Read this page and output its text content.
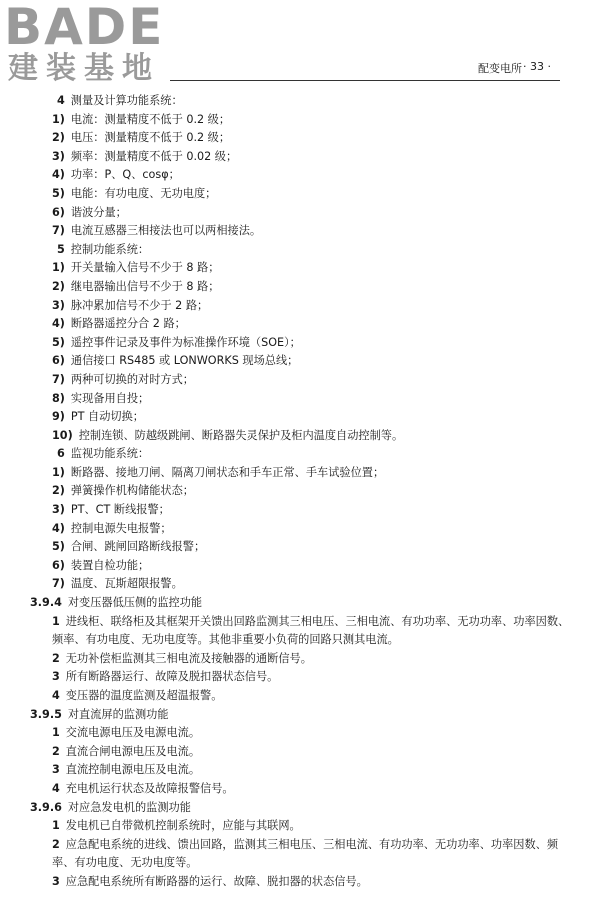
BADE
建装基地	配变电所 · 33 ·
4 测量及计算功能系统：
1) 电流：测量精度不低于 0.2 级；
2) 电压：测量精度不低于 0.2 级；
3) 频率：测量精度不低于 0.02 级；
4) 功率：P、Q、cosφ；
5) 电能：有功电度、无功电度；
6) 谐波分量；
7) 电流互感器三相接法也可以两相接法。
5 控制功能系统：
1) 开关量输入信号不少于 8 路；
2) 继电器输出信号不少于 8 路；
3) 脉冲累加信号不少于 2 路；
4) 断路器遥控分合 2 路；
5) 遥控事件记录及事件为标准操作环境（SOE）；
6) 通信接口 RS485 或 LONWORKS 现场总线；
7) 两种可切换的对时方式；
8) 实现备用自投；
9) PT 自动切换；
10) 控制连锁、防越级跳闸、断路器失灵保护及柜内温度自动控制等。
6 监视功能系统：
1) 断路器、接地刀闸、隔离刀闸状态和手车正常、手车试验位置；
2) 弹簧操作机构储能状态；
3) PT、CT 断线报警；
4) 控制电源失电报警；
5) 合闸、跳闸回路断线报警；
6) 装置自检功能；
7) 温度、瓦斯超限报警。
3.9.4 对变压器低压侧的监控功能
1 进线柜、联络柜及其框架开关馈出回路监测其三相电压、三相电流、有功功率、无功功率、功率因数、频率、有功电度、无功电度等。其他非重要小负荷的回路只测其电流。
2 无功补偿柜监测其三相电流及接触器的通断信号。
3 所有断路器运行、故障及脱扣器状态信号。
4 变压器的温度监测及超温报警。
3.9.5 对直流屏的监测功能
1 交流电源电压及电源电流。
2 直流合闸电源电压及电流。
3 直流控制电源电压及电流。
4 充电机运行状态及故障报警信号。
3.9.6 对应急发电机的监测功能
1 发电机已自带微机控制系统时，应能与其联网。
2 应急配电系统的进线、馈出回路，监测其三相电压、三相电流、有功功率、无功功率、功率因数、频率、有功电度、无功电度等。
3 应急配电系统所有断路器的运行、故障、脱扣器的状态信号。
